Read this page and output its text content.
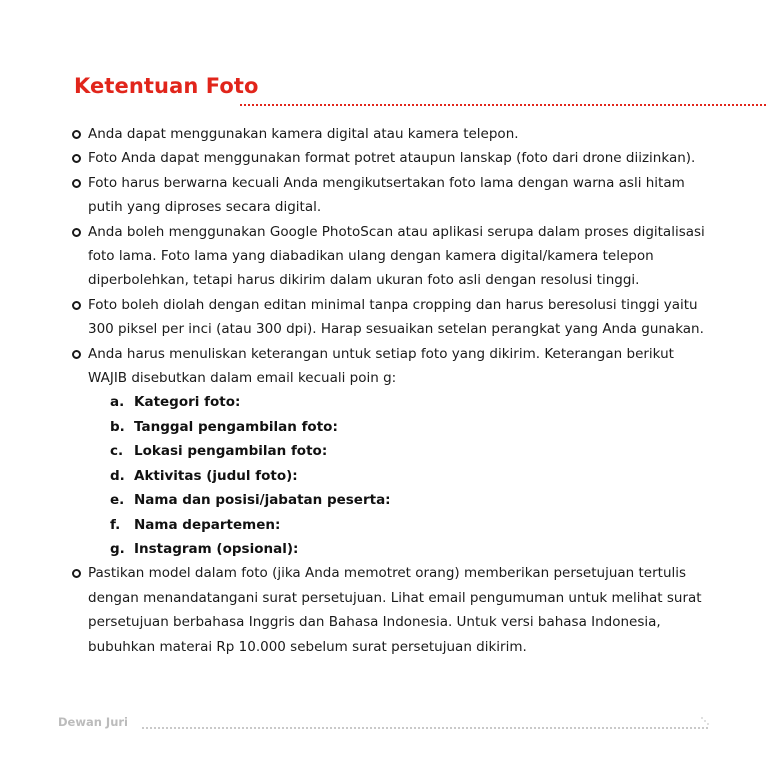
Ketentuan Foto
Anda dapat menggunakan kamera digital atau kamera telepon.
Foto Anda dapat menggunakan format potret ataupun lanskap (foto dari drone diizinkan).
Foto harus berwarna kecuali Anda mengikutsertakan foto lama dengan warna asli hitam putih yang diproses secara digital.
Anda boleh menggunakan Google PhotoScan atau aplikasi serupa dalam proses digitalisasi foto lama. Foto lama yang diabadikan ulang dengan kamera digital/kamera telepon diperbolehkan, tetapi harus dikirim dalam ukuran foto asli dengan resolusi tinggi.
Foto boleh diolah dengan editan minimal tanpa cropping dan harus beresolusi tinggi yaitu 300 piksel per inci (atau 300 dpi). Harap sesuaikan setelan perangkat yang Anda gunakan.
Anda harus menuliskan keterangan untuk setiap foto yang dikirim. Keterangan berikut WAJIB disebutkan dalam email kecuali poin g:
a. Kategori foto:
b. Tanggal pengambilan foto:
c. Lokasi pengambilan foto:
d. Aktivitas (judul foto):
e. Nama dan posisi/jabatan peserta:
f. Nama departemen:
g. Instagram (opsional):
Pastikan model dalam foto (jika Anda memotret orang) memberikan persetujuan tertulis dengan menandatangani surat persetujuan. Lihat email pengumuman untuk melihat surat persetujuan berbahasa Inggris dan Bahasa Indonesia. Untuk versi bahasa Indonesia, bubuhkan materai Rp 10.000 sebelum surat persetujuan dikirim.
Dewan Juri
